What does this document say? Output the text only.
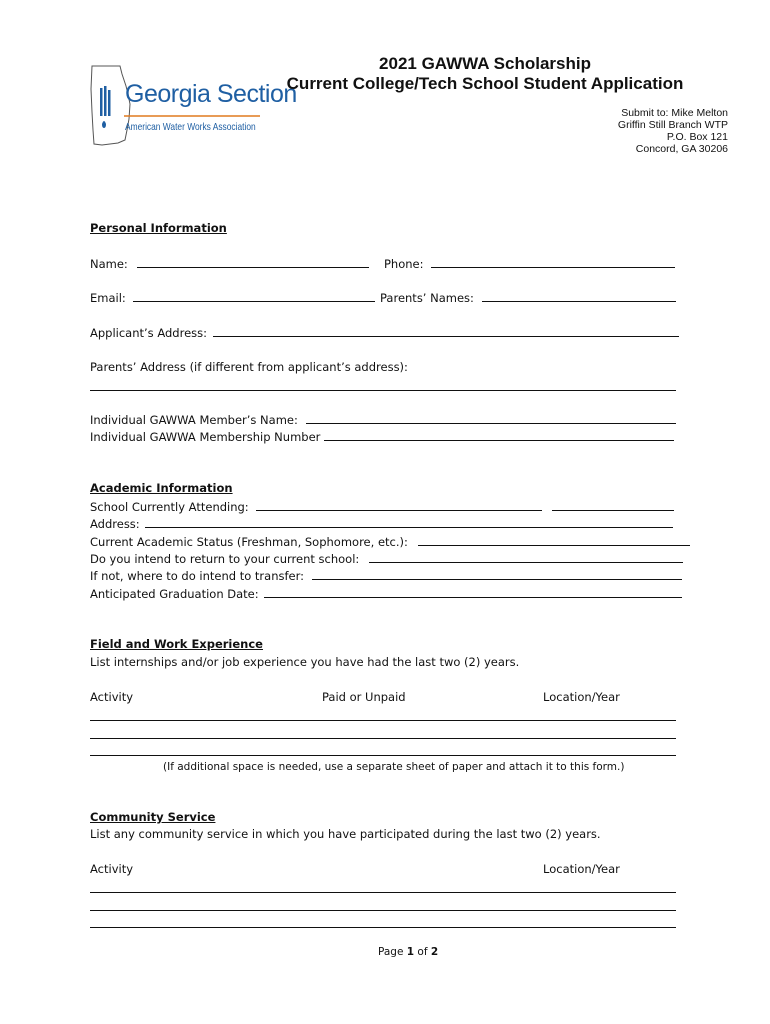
Georgia Section
American Water Works Association
2021 GAWWA Scholarship
Current College/Tech School Student Application
Submit to: Mike Melton
Griffin Still Branch WTP
P.O. Box 121
Concord, GA 30206
Personal Information
Name:	Phone:
Email:	Parents’ Names:
Applicant’s Address:
Parents’ Address (if different from applicant’s address):
Individual GAWWA Member’s Name:
Individual GAWWA Membership Number
Academic Information
School Currently Attending:
Address:
Current Academic Status (Freshman, Sophomore, etc.):
Do you intend to return to your current school:
If not, where to do intend to transfer:
Anticipated Graduation Date:
Field and Work Experience
List internships and/or job experience you have had the last two (2) years.
Activity	Paid or Unpaid	Location/Year
(If additional space is needed, use a separate sheet of paper and attach it to this form.)
Community Service
List any community service in which you have participated during the last two (2) years.
Activity	Location/Year
Page 1 of 2
